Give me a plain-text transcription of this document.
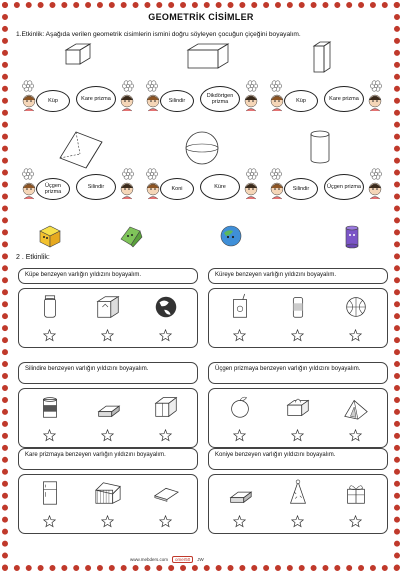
GEOMETRİK CİSİMLER
1.Etkinlik: Aşağıda verilen geometrik cisimlerin ismini doğru söyleyen çocuğun çiçeğini boyayalım.
Küp	Kare prizma	Silindir
Dikdörtgen prizma	Küp	Kare prizma
Üçgen prizma
Silindir	Koni	Küre	Silindir	Üçgen prizma
2 . Etkinlik:
Küpe benzeyen varlığın yıldızını boyayalım.	Küreye benzeyen varlığın yıldızını boyayalım.
Silindire benzeyen varlığın yıldızını boyayalım.	Üçgen prizmaya benzeyen varlığın yıldızını boyayalım.
Kare prizmaya benzeyen varlığın yıldızını boyayalım.	Koniye benzeyen varlığın yıldızını boyayalım.
www.mebders.com	omer50	JW
